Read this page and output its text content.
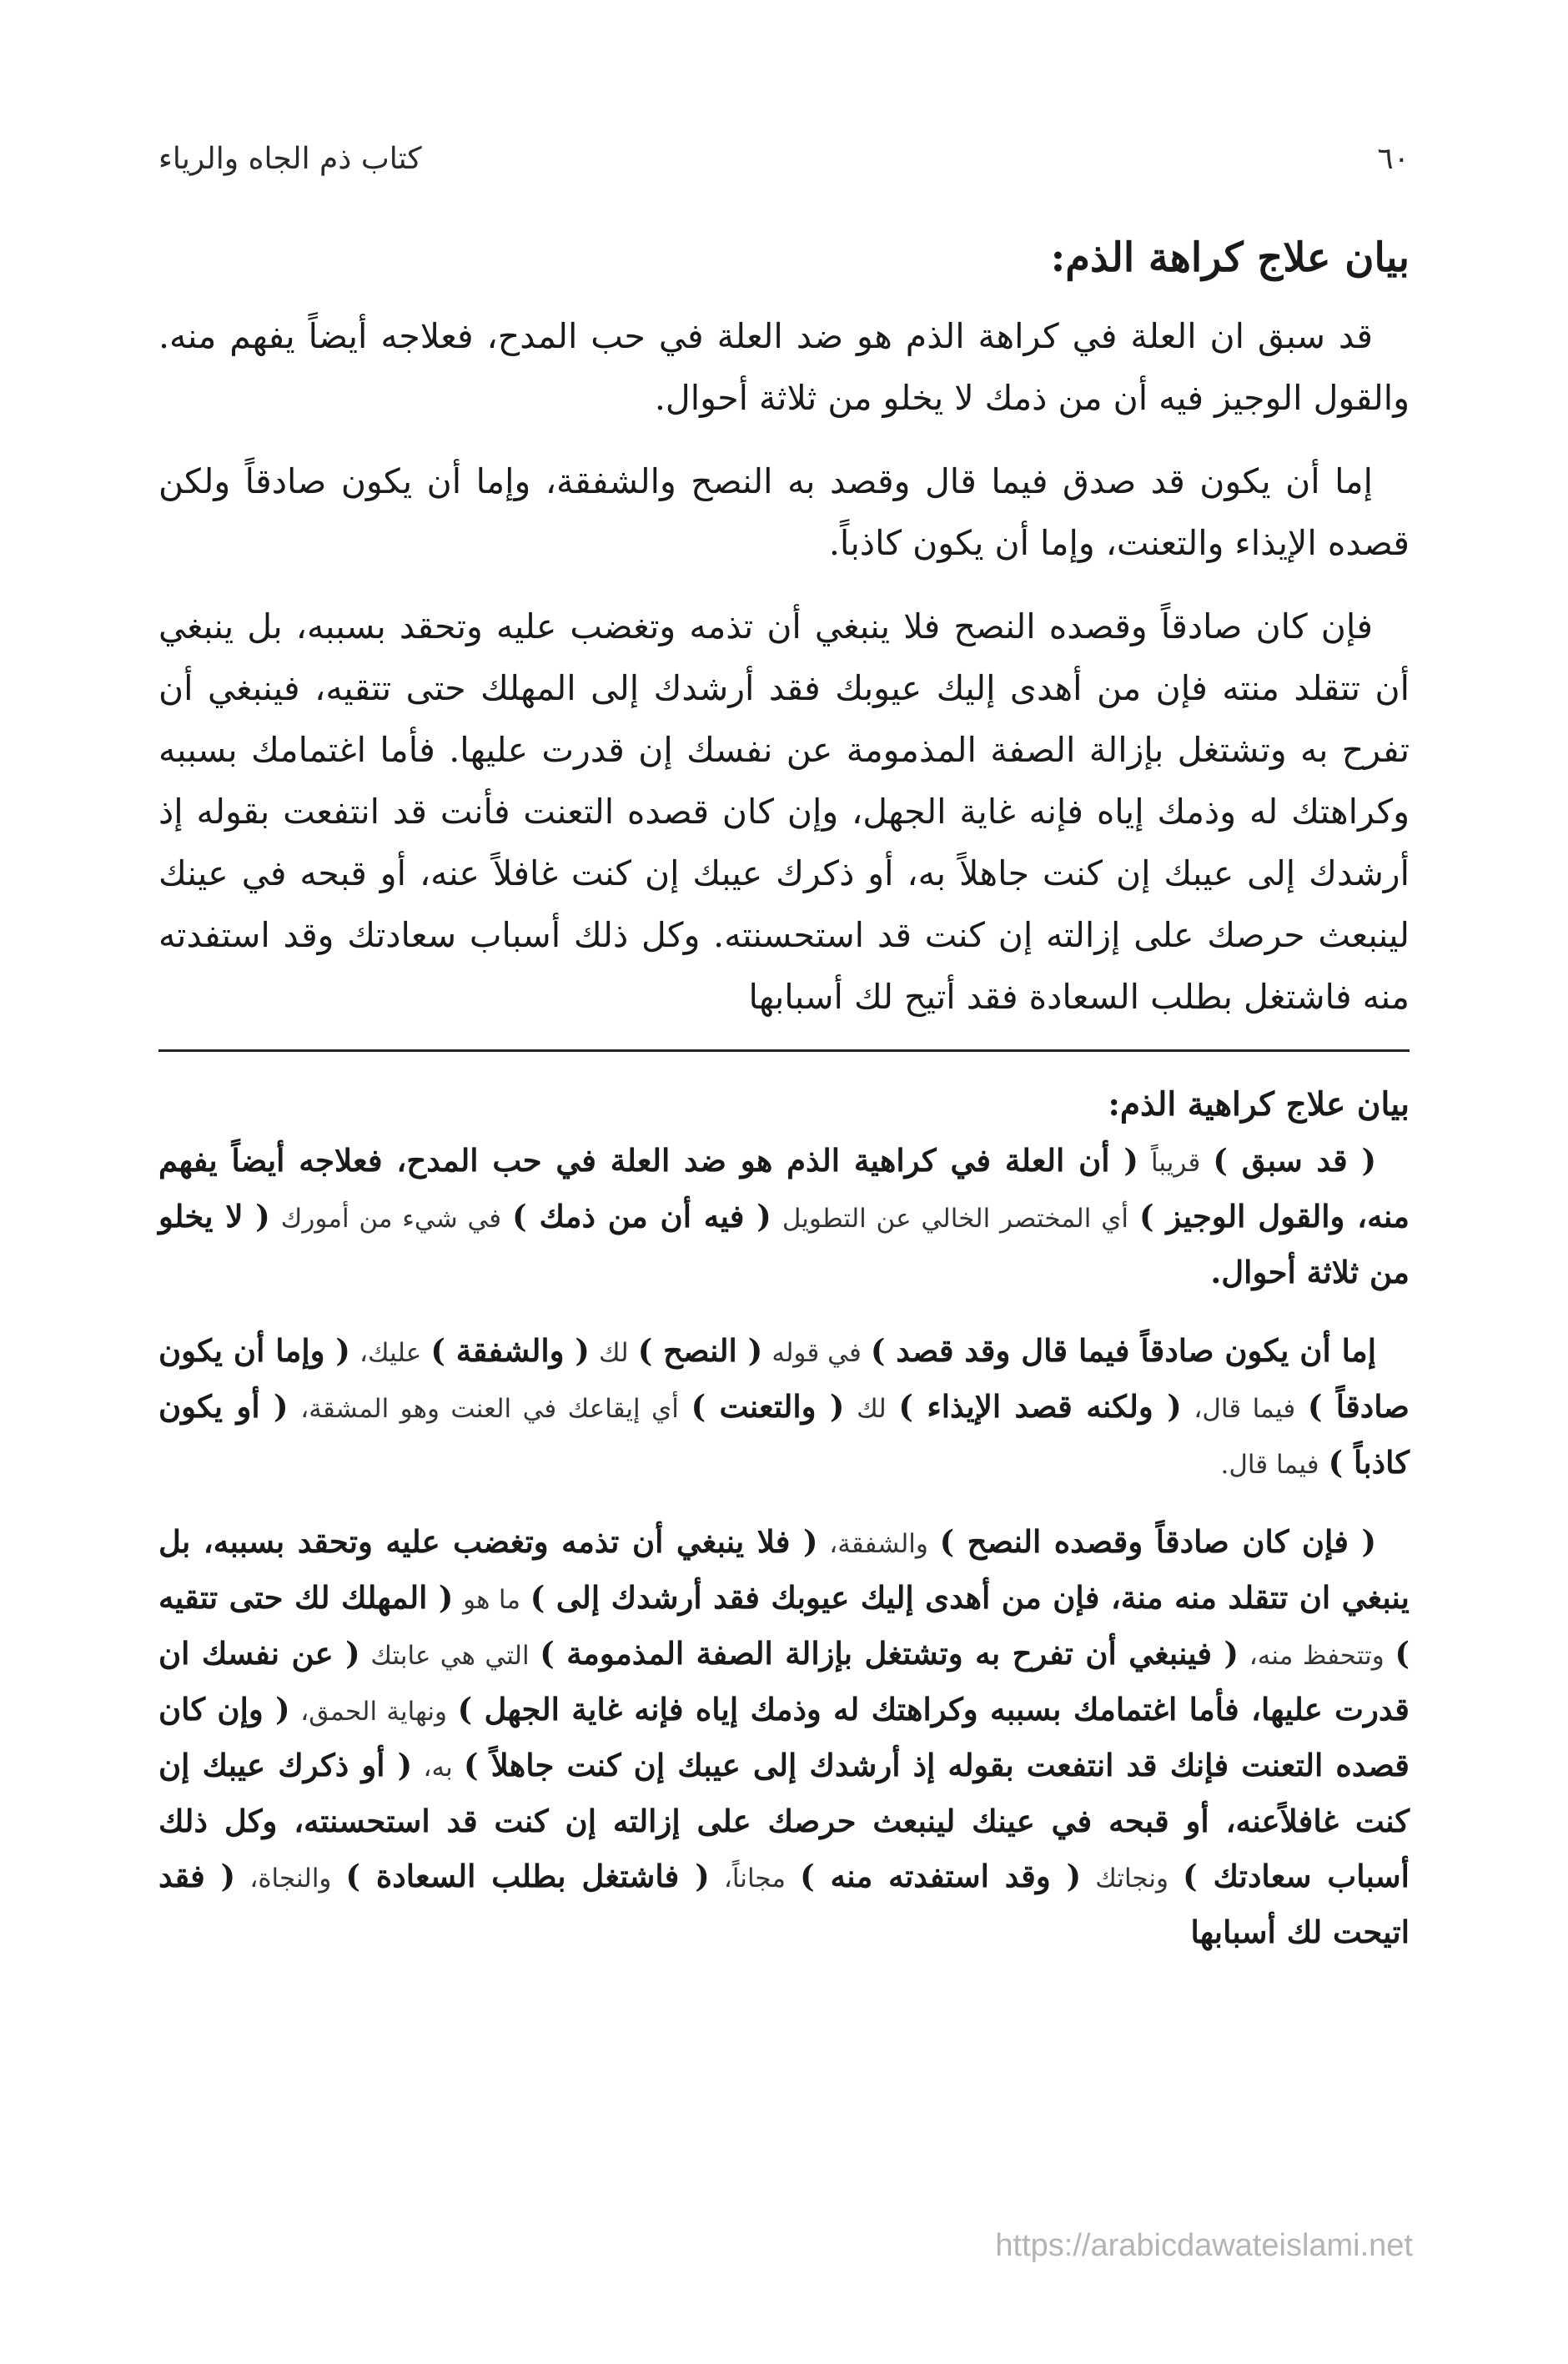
٦٠
كتاب ذم الجاه والرياء
بيان علاج كراهة الذم:

قد سبق ان العلة في كراهة الذم هو ضد العلة في حب المدح، فعلاجه أيضاً يفهم منه. والقول الوجيز فيه أن من ذمك لا يخلو من ثلاثة أحوال.

إما أن يكون قد صدق فيما قال وقصد به النصح والشفقة، وإما أن يكون صادقاً ولكن قصده الإيذاء والتعنت، وإما أن يكون كاذباً.

فإن كان صادقاً وقصده النصح فلا ينبغي أن تذمه وتغضب عليه وتحقد بسببه، بل ينبغي أن تتقلد منته فإن من أهدى إليك عيوبك فقد أرشدك إلى المهلك حتى تتقيه، فينبغي أن تفرح به وتشتغل بإزالة الصفة المذمومة عن نفسك إن قدرت عليها. فأما اغتمامك بسببه وكراهتك له وذمك إياه فإنه غاية الجهل، وإن كان قصده التعنت فأنت قد انتفعت بقوله إذ أرشدك إلى عيبك إن كنت جاهلاً به، أو ذكرك عيبك إن كنت غافلاً عنه، أو قبحه في عينك لينبعث حرصك على إزالته إن كنت قد استحسنته. وكل ذلك أسباب سعادتك وقد استفدته منه فاشتغل بطلب السعادة فقد أتيح لك أسبابها

بيان علاج كراهية الذم:

( قد سبق ) قريباً ( أن العلة في كراهية الذم هو ضد العلة في حب المدح، فعلاجه أيضاً يفهم منه، والقول الوجيز ) أي المختصر الخالي عن التطويل ( فيه أن من ذمك ) في شيء من أمورك ( لا يخلو من ثلاثة أحوال.

إما أن يكون صادقاً فيما قال وقد قصد ) في قوله ( النصح ) لك ( والشفقة ) عليك، ( وإما أن يكون صادقاً ) فيما قال، ( ولكنه قصد الإيذاء ) لك ( والتعنت ) أي إيقاعك في العنت وهو المشقة، ( أو يكون كاذباً ) فيما قال.

( فإن كان صادقاً وقصده النصح ) والشفقة، ( فلا ينبغي أن تذمه وتغضب عليه وتحقد بسببه، بل ينبغي ان تتقلد منه منة، فإن من أهدى إليك عيوبك فقد أرشدك إلى ) ما هو ( المهلك لك حتى تتقيه ) وتتحفظ منه، ( فينبغي أن تفرح به وتشتغل بإزالة الصفة المذمومة ) التي هي عابتك ( عن نفسك ان قدرت عليها، فأما اغتمامك بسببه وكراهتك له وذمك إياه فإنه غاية الجهل ) ونهاية الحمق، ( وإن كان قصده التعنت فإنك قد انتفعت بقوله إذ أرشدك إلى عيبك إن كنت جاهلاً ) به، ( أو ذكرك عيبك إن كنت غافلاًعنه، أو قبحه في عينك لينبعث حرصك على إزالته إن كنت قد استحسنته، وكل ذلك أسباب سعادتك ) ونجاتك ( وقد استفدته منه ) مجاناً، ( فاشتغل بطلب السعادة ) والنجاة، ( فقد اتيحت لك أسبابها

https://arabicdawateislami.net
